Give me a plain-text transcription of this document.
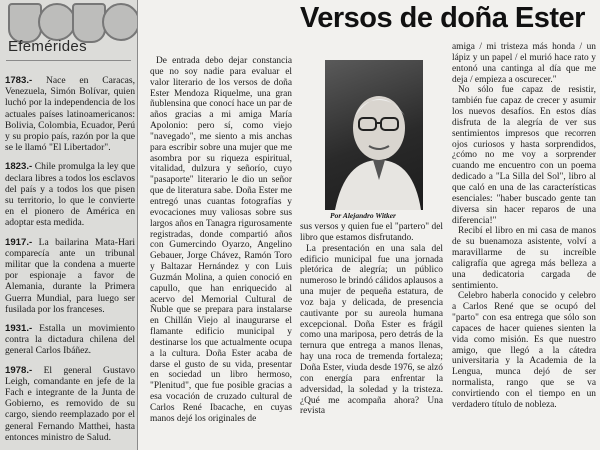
Efemérides
1783.- Nace en Caracas, Venezuela, Simón Bolívar, quien luchó por la independencia de los actuales países latinoamericanos: Bolivia, Colombia, Ecuador, Perú y su propio país, razón por la que se le llamó "El Libertador".
1823.- Chile promulga la ley que declara libres a todos los esclavos del país y a todos los que pisen su territorio, lo que le convierte en el pionero de América en adoptar esta medida.
1917.- La bailarina Mata-Hari comparecía ante un tribunal militar que la condena a muerte por espionaje a favor de Alemania, durante la Primera Guerra Mundial, para luego ser fusilada por los franceses.
1931.- Estalla un movimiento contra la dictadura chilena del general Carlos Ibáñez.
1978.- El general Gustavo Leigh, comandante en jefe de la Fach e integrante de la Junta de Gobierno, es removido de su cargo, siendo reemplazado por el general Fernando Matthei, hasta entonces ministro de Salud.
Versos de doña Ester

De entrada debo dejar constancia que no soy nadie para evaluar el valor literario de los versos de doña Ester Mendoza Riquelme, una gran ñublensina que conocí hace un par de años gracias a mi amiga María Apolonio: pero sí, como viejo "navegado", me siento a mis anchas para escribir sobre una mujer que me asombra por su riqueza espiritual, vitalidad, dulzura y señorío, cuyo "pasaporte" literario le dio un señor que de literatura sabe. Doña Ester me entregó unas cuantas fotografías y evocaciones muy valiosas sobre sus largos años en Tanagra rigurosamente registradas, donde compartió años con Gumercindo Oyarzo, Angelino Gebauer, Jorge Chávez, Ramón Toro y Baltazar Hernández y con Luis Guzmán Molina, a quien conoció en capullo, que han enriquecido al acervo del Memorial Cultural de Ñuble que se prepara para instalarse en Chillán Viejo al inaugurarse el flamante edificio municipal y destinarse los que actualmente ocupa a la cultura. Doña Ester acaba de darse el gusto de su vida, presentar en sociedad un libro hermoso, "Plenitud", que fue posible gracias a esa vocación de cruzado cultural de Carlos René Ibacache, en cuyas manos dejé los originales de

Por Alejandro Witker

sus versos y quien fue el "partero" del libro que estamos disfrutando.

La presentación en una sala del edificio municipal fue una jornada pletórica de alegría; un público numeroso le brindó cálidos aplausos a una mujer de pequeña estatura, de voz baja y delicada, de presencia cautivante por su aureola humana excepcional. Doña Ester es frágil como una mariposa, pero detrás de la ternura que entrega a manos llenas, hay una roca de tremenda fortaleza; Doña Ester, viuda desde 1976, se alzó con energía para enfrentar la adversidad, la soledad y la tristeza. ¿Qué me acompaña ahora? Una revista

amiga / mi tristeza más honda / un lápiz y un papel / el murió hace rato y entonó una cantinga al día que me deja / empieza a oscurecer."

No sólo fue capaz de resistir, también fue capaz de crecer y asumir los nuevos desafíos. En estos días disfruta de la alegría de ver sus sentimientos impresos que recorren ojos curiosos y hasta sorprendidos, ¿cómo no me voy a sorprender cuando me encuentro con un poema dedicado a "La Silla del Sol", libro al que caló en una de las características esenciales: "haber buscado gente tan diversa sin hacer reparos de una diferencia!"

Recibí el libro en mi casa de manos de su buenamoza asistente, volví a maravillarme de su increíble caligrafía que agrega más belleza a una dedicatoria cargada de sentimiento.

Celebro haberla conocido y celebro a Carlos René que se ocupó del "parto" con esa entrega que sólo son capaces de hacer quienes sienten la vida como misión. Es que nuestro amigo, que llegó a la cátedra universitaria y la Academia de la Lengua, munca dejó de ser normalista, rango que se va convirtiendo con el tiempo en un verdadero título de nobleza.
